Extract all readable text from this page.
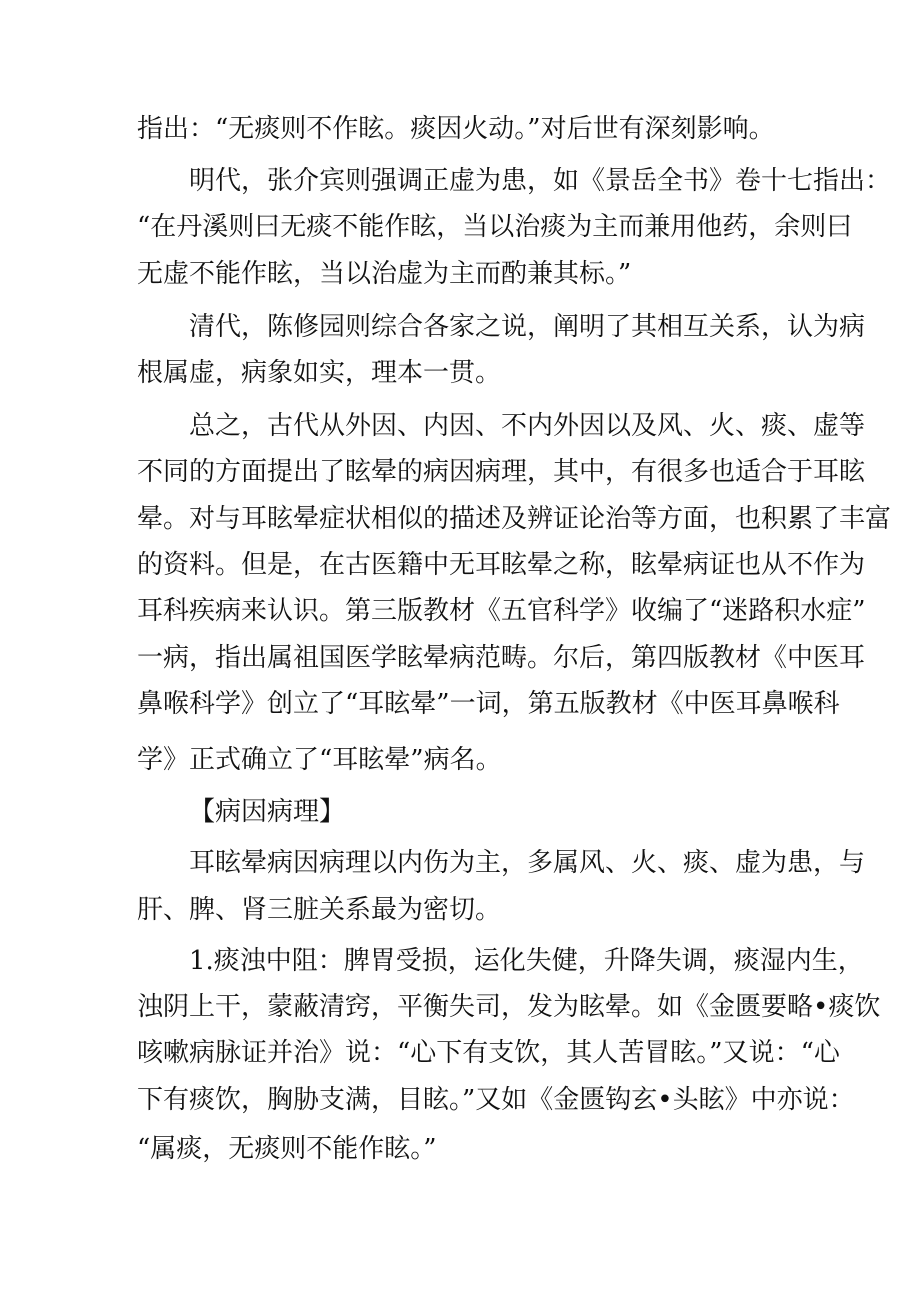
指出：“无痰则不作眩。痰因火动。”对后世有深刻影响。
明代，张介宾则强调正虚为患，如《景岳全书》卷十七指出：
“在丹溪则曰无痰不能作眩，当以治痰为主而兼用他药，余则曰
无虚不能作眩，当以治虚为主而酌兼其标。”
清代，陈修园则综合各家之说，阐明了其相互关系，认为病
根属虚，病象如实，理本一贯。
总之，古代从外因、内因、不内外因以及风、火、痰、虚等
不同的方面提出了眩晕的病因病理，其中，有很多也适合于耳眩
晕。对与耳眩晕症状相似的描述及辨证论治等方面，也积累了丰富
的资料。但是，在古医籍中无耳眩晕之称，眩晕病证也从不作为
耳科疾病来认识。第三版教材《五官科学》收编了“迷路积水症”
一病，指出属祖国医学眩晕病范畴。尔后，第四版教材《中医耳
鼻喉科学》创立了“耳眩晕”一词，第五版教材《中医耳鼻喉科
学》正式确立了“耳眩晕”病名。
【病因病理】
耳眩晕病因病理以内伤为主，多属风、火、痰、虚为患，与
肝、脾、肾三脏关系最为密切。
1.痰浊中阻：脾胃受损，运化失健，升降失调，痰湿内生，
浊阴上干，蒙蔽清窍，平衡失司，发为眩晕。如《金匮要略•痰饮
咳嗽病脉证并治》说：“心下有支饮，其人苦冒眩。”又说：“心
下有痰饮，胸胁支满，目眩。”又如《金匮钩玄•头眩》中亦说：
“属痰，无痰则不能作眩。”
